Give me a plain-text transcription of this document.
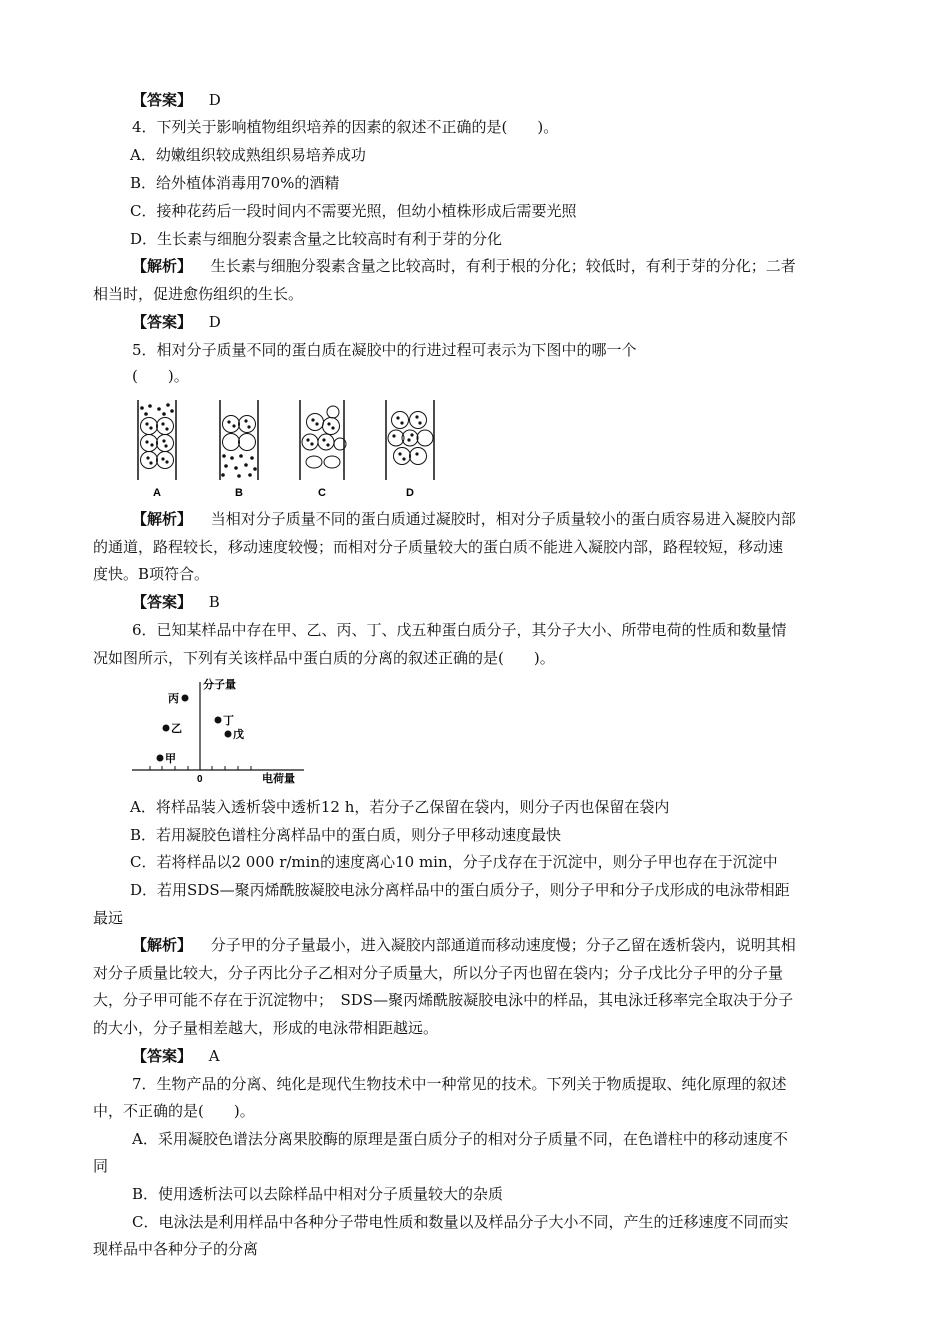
【答案】 D
4．下列关于影响植物组织培养的因素的叙述不正确的是(　　)。
A．幼嫩组织较成熟组织易培养成功
B．给外植体消毒用70%的酒精
C．接种花药后一段时间内不需要光照，但幼小植株形成后需要光照
D．生长素与细胞分裂素含量之比较高时有利于芽的分化
【解析】 生长素与细胞分裂素含量之比较高时，有利于根的分化；较低时，有利于芽的分化；二者
相当时，促进愈伤组织的生长。
【答案】 D
5．相对分子质量不同的蛋白质在凝胶中的行进过程可表示为下图中的哪一个
(　　)。
A	B	C	D
【解析】 当相对分子质量不同的蛋白质通过凝胶时，相对分子质量较小的蛋白质容易进入凝胶内部
的通道，路程较长，移动速度较慢；而相对分子质量较大的蛋白质不能进入凝胶内部，路程较短，移动速
度快。B项符合。
【答案】 B
6．已知某样品中存在甲、乙、丙、丁、戊五种蛋白质分子，其分子大小、所带电荷的性质和数量情
况如图所示，下列有关该样品中蛋白质的分离的叙述正确的是(　　)。
分子量
电荷量
0
丙
乙
甲
丁
戊
A．将样品装入透析袋中透析12 h，若分子乙保留在袋内，则分子丙也保留在袋内
B．若用凝胶色谱柱分离样品中的蛋白质，则分子甲移动速度最快
C．若将样品以2 000 r/min的速度离心10 min，分子戊存在于沉淀中，则分子甲也存在于沉淀中
D．若用SDS—聚丙烯酰胺凝胶电泳分离样品中的蛋白质分子，则分子甲和分子戊形成的电泳带相距
最远
【解析】 分子甲的分子量最小，进入凝胶内部通道而移动速度慢；分子乙留在透析袋内，说明其相
对分子质量比较大，分子丙比分子乙相对分子质量大，所以分子丙也留在袋内；分子戊比分子甲的分子量
大，分子甲可能不存在于沉淀物中；　SDS—聚丙烯酰胺凝胶电泳中的样品，其电泳迁移率完全取决于分子
的大小，分子量相差越大，形成的电泳带相距越远。
【答案】 A
7．生物产品的分离、纯化是现代生物技术中一种常见的技术。下列关于物质提取、纯化原理的叙述
中，不正确的是(　　)。
A．采用凝胶色谱法分离果胶酶的原理是蛋白质分子的相对分子质量不同，在色谱柱中的移动速度不
同
B．使用透析法可以去除样品中相对分子质量较大的杂质
C．电泳法是利用样品中各种分子带电性质和数量以及样品分子大小不同，产生的迁移速度不同而实
现样品中各种分子的分离
